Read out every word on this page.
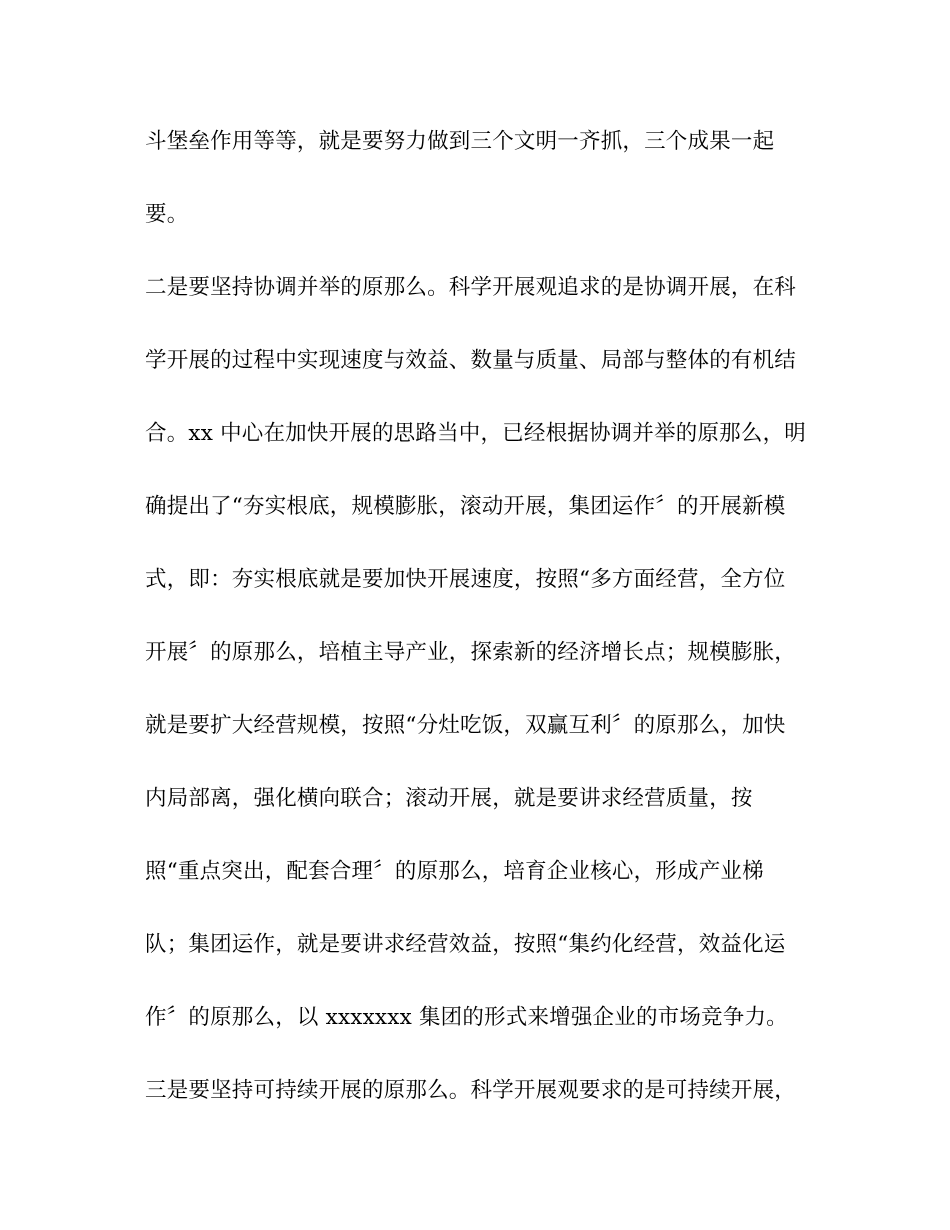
斗堡垒作用等等，就是要努力做到三个文明一齐抓，三个成果一起
要。
二是要坚持协调并举的原那么。科学开展观追求的是协调开展，在科
学开展的过程中实现速度与效益、数量与质量、局部与整体的有机结
合。xx 中心在加快开展的思路当中，已经根据协调并举的原那么，明
确提出了“夯实根底，规模膨胀，滚动开展，集团运作〞的开展新模
式，即：夯实根底就是要加快开展速度，按照“多方面经营，全方位
开展〞的原那么，培植主导产业，探索新的经济增长点；规模膨胀，
就是要扩大经营规模，按照“分灶吃饭，双赢互利〞的原那么，加快
内局部离，强化横向联合；滚动开展，就是要讲求经营质量，按
照“重点突出，配套合理〞的原那么，培育企业核心，形成产业梯
队；集团运作，就是要讲求经营效益，按照“集约化经营，效益化运
作〞的原那么，以 xxxxxxx 集团的形式来增强企业的市场竞争力。
三是要坚持可持续开展的原那么。科学开展观要求的是可持续开展，
